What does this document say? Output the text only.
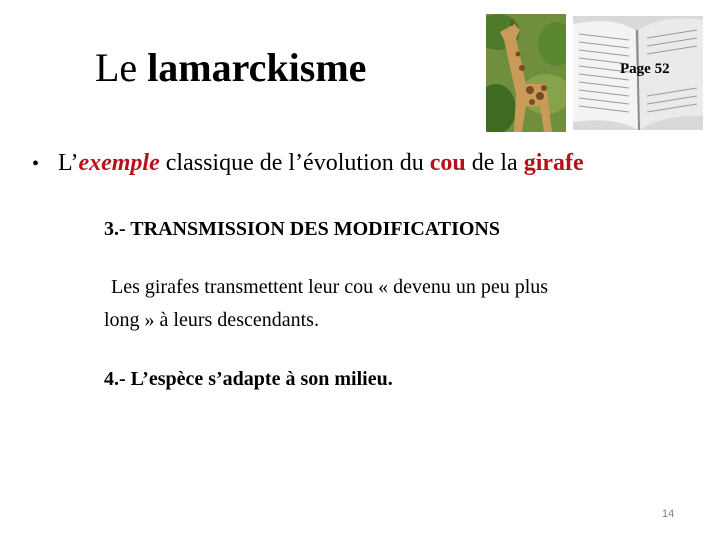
Le lamarckisme	Page 52
• L’exemple classique de l’évolution du cou de la girafe
3.- TRANSMISSION DES MODIFICATIONS
Les girafes transmettent leur cou « devenu un peu plus
long » à leurs descendants.
4.- L’espèce s’adapte à son milieu.
14
